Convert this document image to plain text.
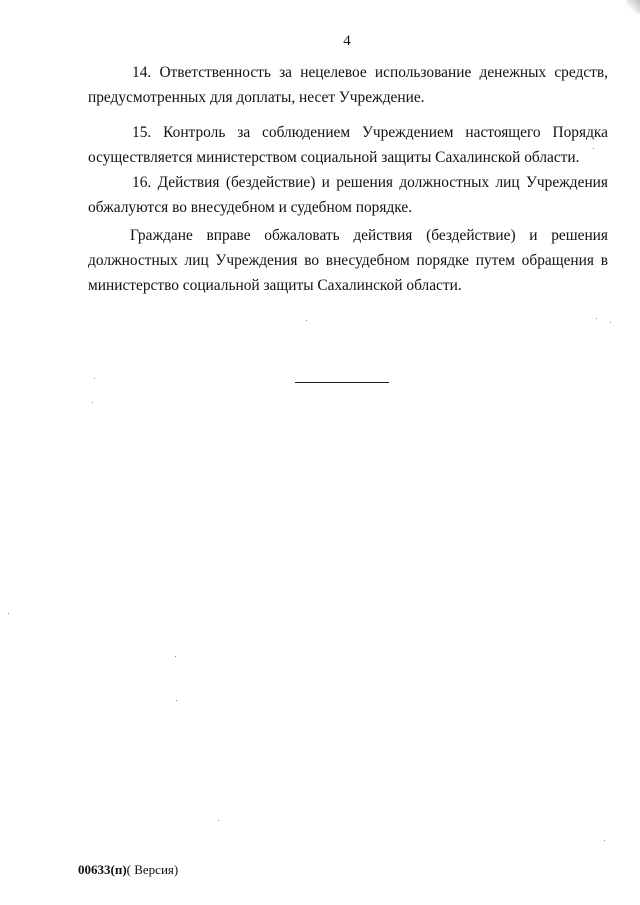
4

14. Ответственность за нецелевое использование денежных средств, предусмотренных для доплаты, несет Учреждение.

15. Контроль за соблюдением Учреждением настоящего Порядка осуществляется министерством социальной защиты Сахалинской области.

16. Действия (бездействие) и решения должностных лиц Учреждения обжалуются во внесудебном и судебном порядке.

Граждане вправе обжаловать действия (бездействие) и решения должностных лиц Учреждения во внесудебном порядке путем обращения в министерство социальной защиты Сахалинской области.

00633(п)( Версия)
